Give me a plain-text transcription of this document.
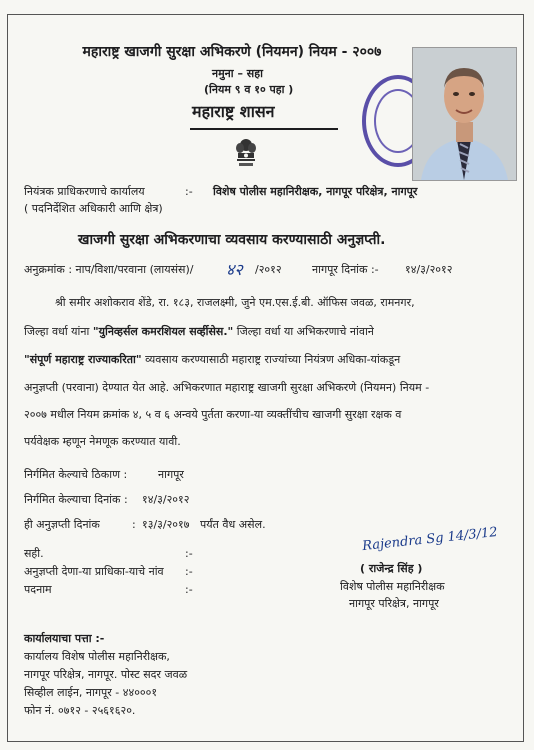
महाराष्ट्र खाजगी सुरक्षा अभिकरणे (नियमन) नियम - २००७
नमुना – सहा
(नियम ९ व १० पहा )
महाराष्ट्र शासन
नियंत्रक प्राधिकरणाचे कार्यालय
( पदनिर्देशित अधिकारी आणि क्षेत्र)
:- विशेष पोलीस महानिरीक्षक, नागपूर परिक्षेत्र, नागपूर
खाजगी सुरक्षा अभिकरणाचा व्यवसाय करण्यासाठी अनुज्ञप्ती.
अनुक्रमांक : नाप/विशा/परवाना (लायसंस)/ ४२ /२०१२	नागपूर दिनांक :- १४/३/२०१२
श्री समीर अशोकराव शेंडे, रा. १८३, राजलक्ष्मी, जुने एम.एस.ई.बी. ऑफिस जवळ, रामनगर,
जिल्हा वर्धा यांना "युनिव्हर्सल कमरशियल सर्व्हीसेस." जिल्हा वर्धा या अभिकरणाचे नांवाने
"संपूर्ण महाराष्ट्र राज्याकरिता" व्यवसाय करण्यासाठी महाराष्ट्र राज्यांच्या नियंत्रण अधिका-यांकडून
अनुज्ञप्ती (परवाना) देण्यात येत आहे. अभिकरणात महाराष्ट्र खाजगी सुरक्षा अभिकरणे (नियमन) नियम -
२००७ मधील नियम क्रमांक ४, ५ व ६ अन्वये पुर्तता करणा-या व्यक्तींचीच खाजगी सुरक्षा रक्षक व
पर्यवेक्षक म्हणून नेमणूक करण्यात यावी.
निर्गमित केल्याचे ठिकाण :	नागपूर
निर्गमित केल्याचा दिनांक : १४/३/२०१२
ही अनुज्ञप्ती दिनांक	: १३/३/२०१७ पर्यंत वैध असेल.
सही.	:-
अनुज्ञप्ती देणा-या प्राधिका-याचे नांव :-
पदनाम	:-
Rajendra Sg 14/3/12
( राजेन्द्र सिंह )
विशेष पोलीस महानिरीक्षक
नागपूर परिक्षेत्र, नागपूर
कार्यालयाचा पत्ता :-
कार्यालय विशेष पोलीस महानिरीक्षक,
नागपूर परिक्षेत्र, नागपूर. पोस्ट सदर जवळ
सिव्हील लाईन, नागपूर - ४४०००१
फोन नं. ०७१२ - २५६१६२०.
